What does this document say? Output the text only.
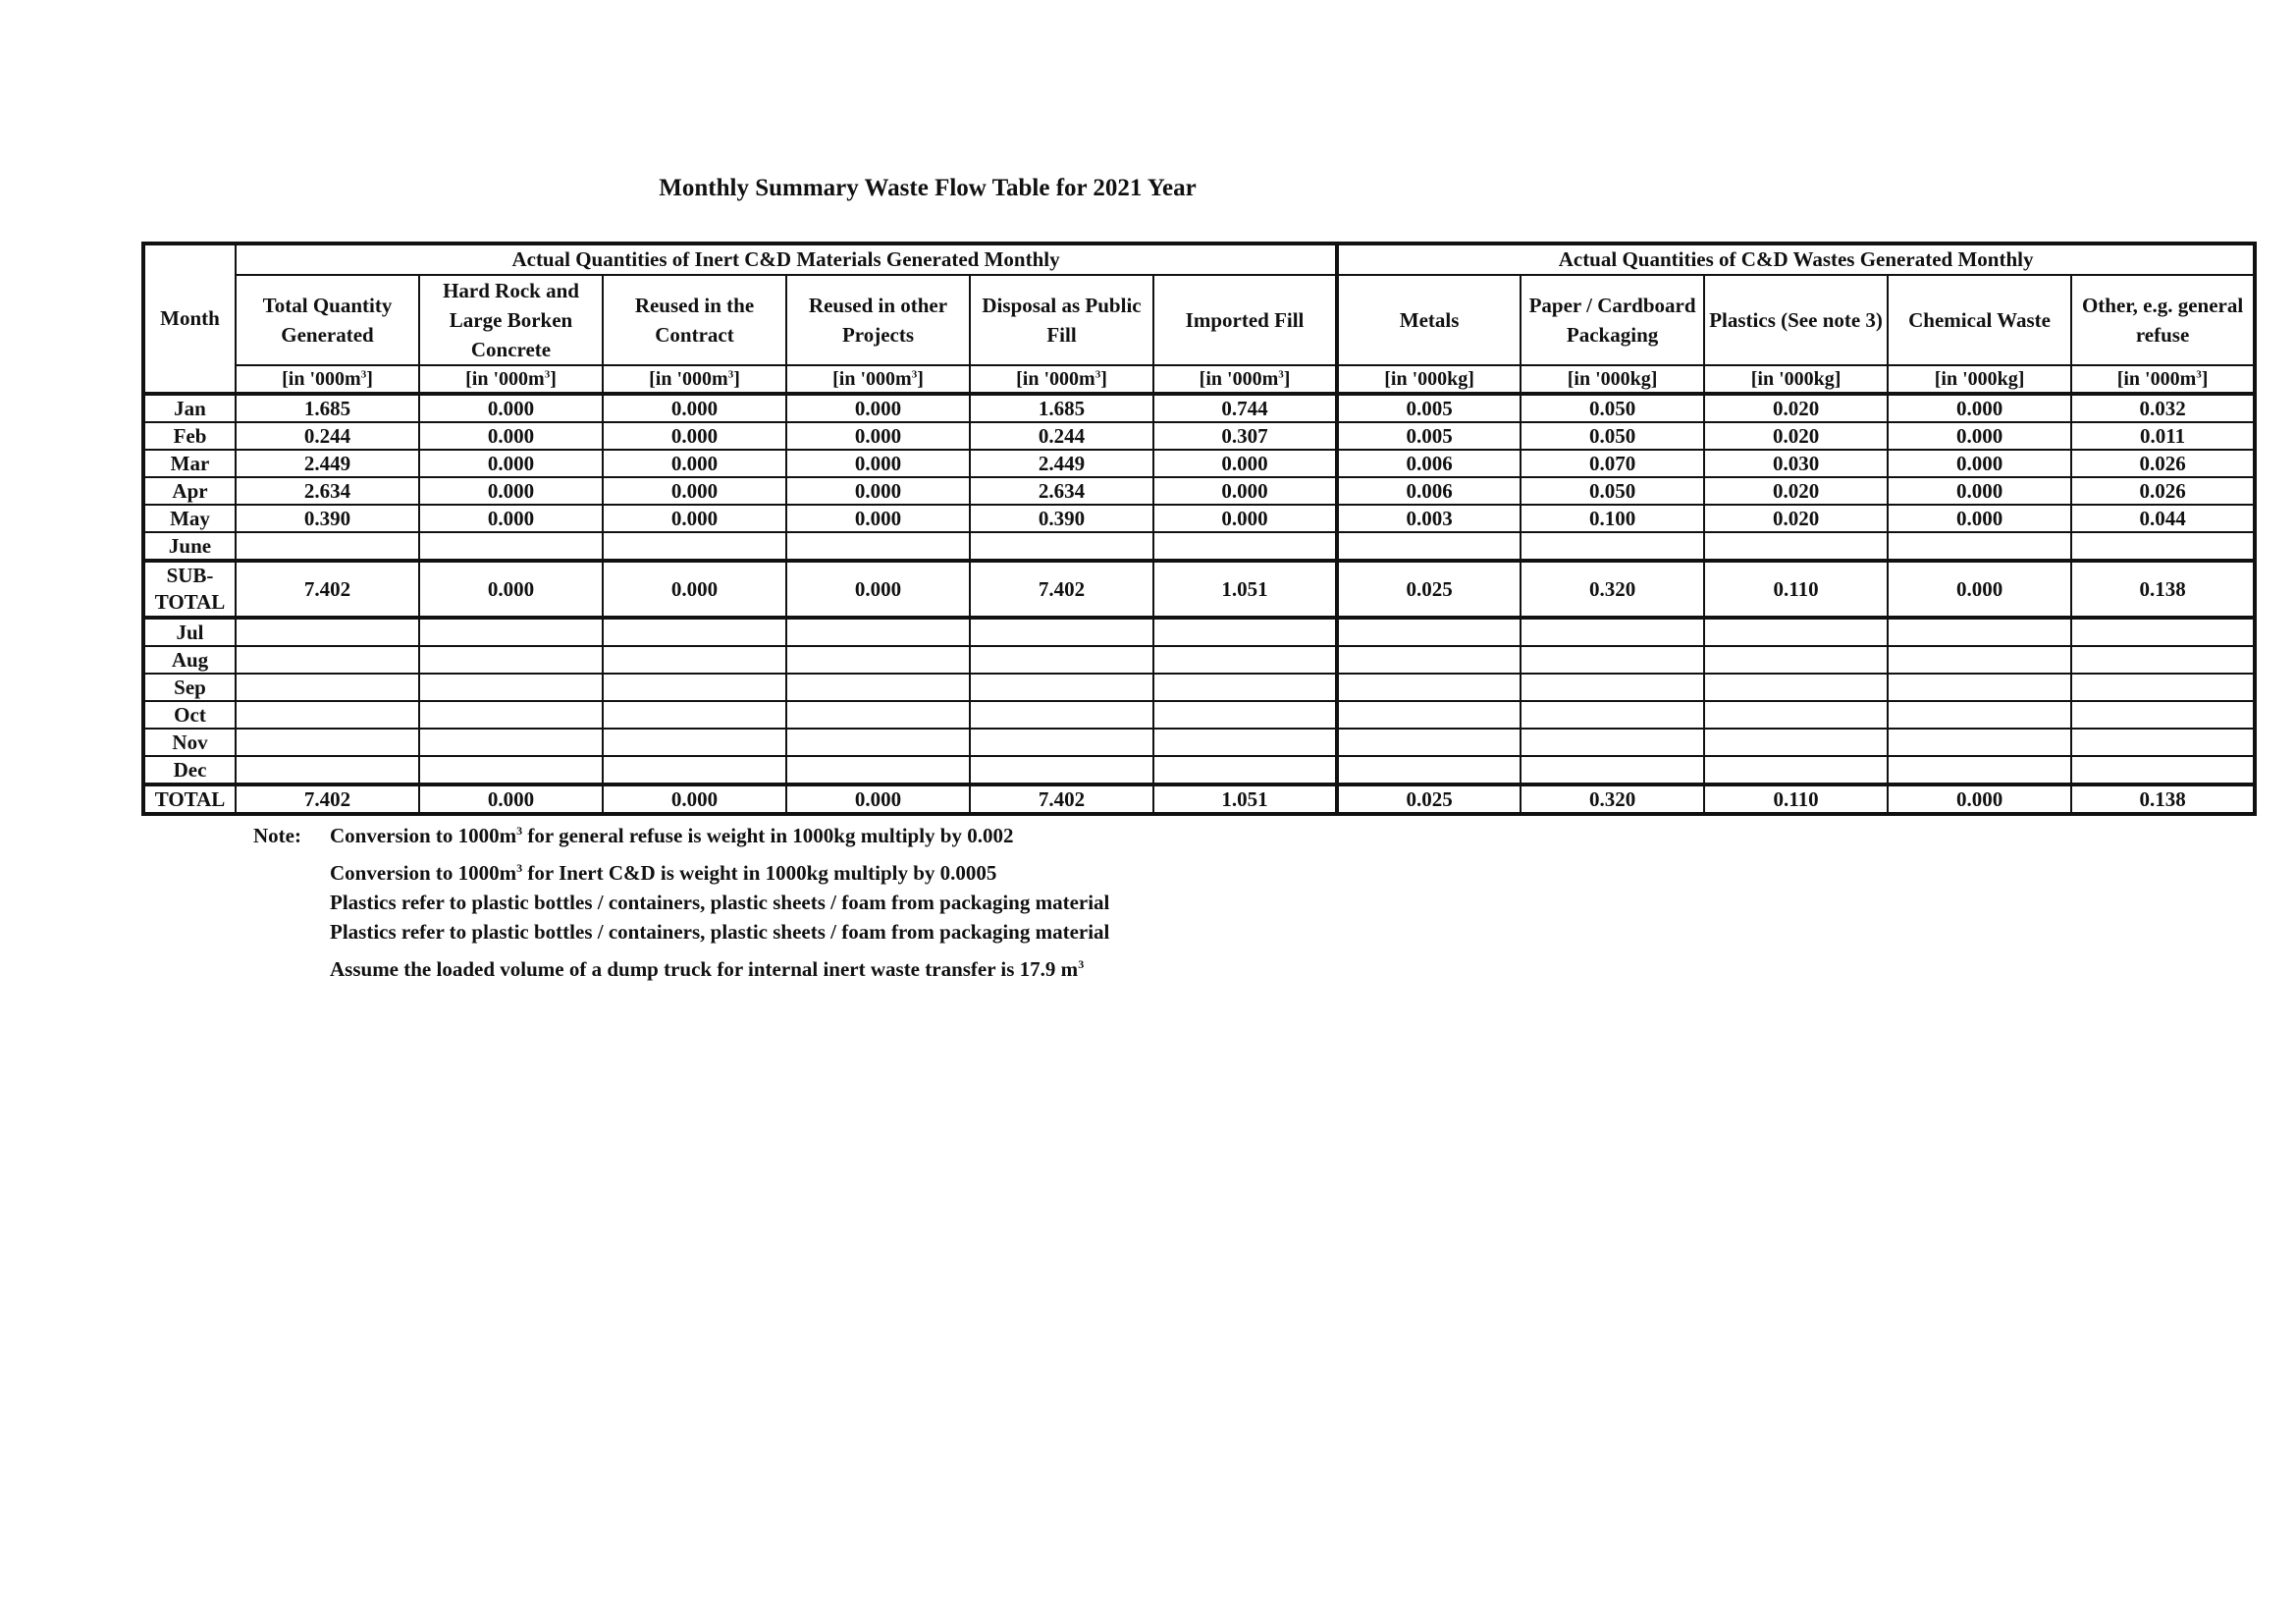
Monthly Summary Waste Flow Table for 2021 Year
Month	Actual Quantities of Inert C&D Materials Generated Monthly						Actual Quantities of C&D Wastes Generated Monthly				
	Total Quantity Generated	Hard Rock and Large Borken Concrete	Reused in the Contract	Reused in other Projects	Disposal as Public Fill	Imported Fill	Metals	Paper / Cardboard Packaging	Plastics (See note 3)	Chemical Waste	Other, e.g. general refuse
	[in '$000m^3$]	[in '$000m^3$]	[in '$000m^3$]	[in '$000m^3$]	[in '$000m^3$]	[in '$000m^3$]	[in '000kg]	[in '000kg]	[in '000kg]	[in '000kg]	[in '$000m^3$]
Jan	1.685	0.000	0.000	0.000	1.685	0.744	0.005	0.050	0.020	0.000	0.032
Feb	0.244	0.000	0.000	0.000	0.244	0.307	0.005	0.050	0.020	0.000	0.011
Mar	2.449	0.000	0.000	0.000	2.449	0.000	0.006	0.070	0.030	0.000	0.026
Apr	2.634	0.000	0.000	0.000	2.634	0.000	0.006	0.050	0.020	0.000	0.026
May	0.390	0.000	0.000	0.000	0.390	0.000	0.003	0.100	0.020	0.000	0.044
June											
SUB-TOTAL	7.402	0.000	0.000	0.000	7.402	1.051	0.025	0.320	0.110	0.000	0.138
Jul											
Aug											
Sep											
Oct											
Nov											
Dec											
TOTAL	7.402	0.000	0.000	0.000	7.402	1.051	0.025	0.320	0.110	0.000	0.138
Note: Conversion to $1000m^3$ for general refuse is weight in 1000kg multiply by 0.002
Conversion to $1000m^3$ for Inert C&D is weight in 1000kg multiply by 0.0005
Plastics refer to plastic bottles / containers, plastic sheets / foam from packaging material
Plastics refer to plastic bottles / containers, plastic sheets / foam from packaging material
Assume the loaded volume of a dump truck for internal inert waste transfer is 17.9 $m^3$
